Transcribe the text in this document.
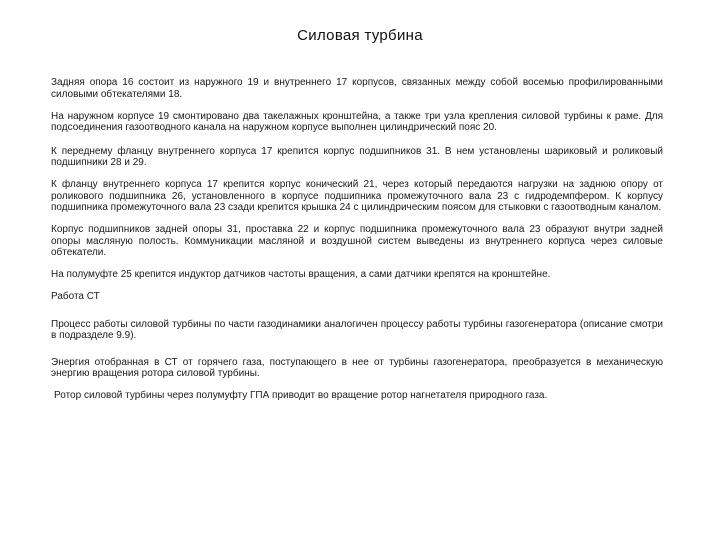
Силовая турбина

Задняя опора 16 состоит из наружного 19 и внутреннего 17 корпусов, связанных между собой восемью профилированными силовыми обтекателями 18.

На наружном корпусе 19 смонтировано два такелажных кронштейна, а также три узла крепления силовой турбины к раме. Для подсоединения газоотводного канала на наружном корпусе выполнен цилиндрический пояс 20.

К переднему фланцу внутреннего корпуса 17 крепится корпус подшипников 31. В нем установлены шариковый и роликовый подшипники 28 и 29.

К фланцу внутреннего корпуса 17 крепится корпус конический 21, через который передаются нагрузки на заднюю опору от роликового подшипника 26, установленного в корпусе подшипника промежуточного вала 23 с гидродемпфером. К корпусу подшипника промежуточного вала 23 сзади крепится крышка 24 с цилиндрическим поясом для стыковки с газоотводным каналом.

Корпус подшипников задней опоры 31, проставка 22 и корпус подшипника промежуточного вала 23 образуют внутри задней опоры масляную полость. Коммуникации масляной и воздушной систем выведены из внутреннего корпуса через силовые обтекатели.

На полумуфте 25 крепится индуктор датчиков частоты вращения, а сами датчики крепятся на кронштейне.

Работа СТ

Процесс работы силовой турбины по части газодинамики аналогичен процессу работы турбины газогенератора (описание смотри в подразделе 9.9).

Энергия отобранная в СТ от горячего газа, поступающего в нее от турбины газогенератора, преобразуется в механическую энергию вращения ротора силовой турбины.

Ротор силовой турбины через полумуфту ГПА приводит во вращение ротор нагнетателя природного газа.
